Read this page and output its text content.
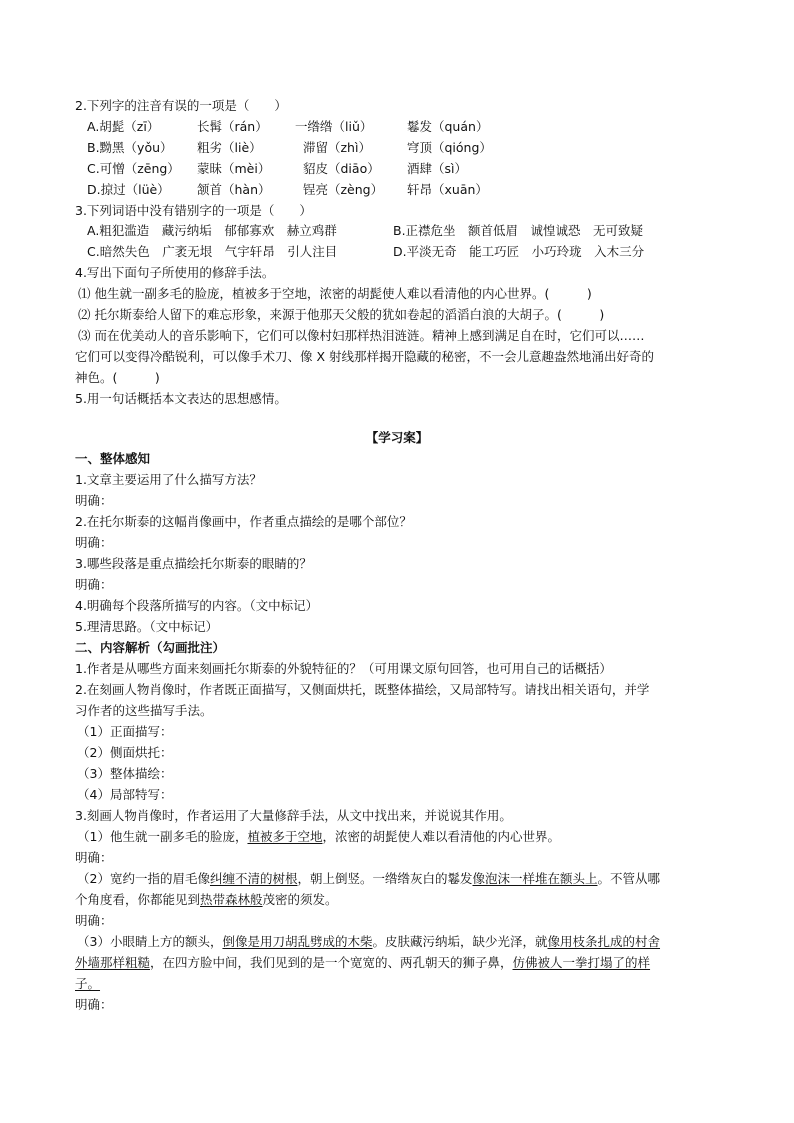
2.下列字的注音有误的一项是（　　）
A.胡髭（zī）	长髯（rán） 一绺绺（liǔ）	鬈发（quán）
B.黝黑（yǒu） 粗劣（liè）	滞留（zhì）	穹顶（qióng）
C.可憎（zēng） 蒙昧（mèi）	貂皮（diāo） 酒肆（sì）
D.掠过（lüè） 颔首（hàn）	锃亮（zèng） 轩昂（xuān）
3.下列词语中没有错别字的一项是（　　）
A.粗犯滥造　藏污纳垢　郁郁寡欢　赫立鸡群	B.正襟危坐　额首低眉　诚惶诚恐　无可致疑
C.暗然失色　广袤无垠　气宇轩昂　引人注目	D.平淡无奇　能工巧匠　小巧玲珑　入木三分
4.写出下面句子所使用的修辞手法。
⑴ 他生就一副多毛的脸庞，植被多于空地，浓密的胡髭使人难以看清他的内心世界。(　　　)
⑵ 托尔斯泰给人留下的难忘形象，来源于他那天父般的犹如卷起的滔滔白浪的大胡子。(　　　)
⑶ 而在优美动人的音乐影响下，它们可以像村妇那样热泪涟涟。精神上感到满足自在时，它们可以……
它们可以变得冷酷锐利，可以像手术刀、像 X 射线那样揭开隐藏的秘密，不一会儿意趣盎然地涌出好奇的
神色。(　　　)
5.用一句话概括本文表达的思想感情。
【学习案】
一、整体感知
1.文章主要运用了什么描写方法？
明确：
2.在托尔斯泰的这幅肖像画中，作者重点描绘的是哪个部位？
明确：
3.哪些段落是重点描绘托尔斯泰的眼睛的？
明确：
4.明确每个段落所描写的内容。（文中标记）
5.理清思路。（文中标记）
二、内容解析（勾画批注）
1.作者是从哪些方面来刻画托尔斯泰的外貌特征的？（可用课文原句回答，也可用自己的话概括）
2.在刻画人物肖像时，作者既正面描写，又侧面烘托，既整体描绘，又局部特写。请找出相关语句，并学
习作者的这些描写手法。
（1）正面描写：
（2）侧面烘托：
（3）整体描绘：
（4）局部特写：
3.刻画人物肖像时，作者运用了大量修辞手法，从文中找出来，并说说其作用。
（1）他生就一副多毛的脸庞，植被多于空地，浓密的胡髭使人难以看清他的内心世界。
明确：
（2）宽约一指的眉毛像纠缠不清的树根，朝上倒竖。一绺绺灰白的鬈发像泡沫一样堆在额头上。不管从哪
个角度看，你都能见到热带森林般茂密的须发。
明确：
（3）小眼睛上方的额头，倒像是用刀胡乱劈成的木柴。皮肤藏污纳垢，缺少光泽，就像用枝条扎成的村舍
外墙那样粗糙，在四方脸中间，我们见到的是一个宽宽的、两孔朝天的狮子鼻，仿佛被人一拳打塌了的样
子。
明确：
